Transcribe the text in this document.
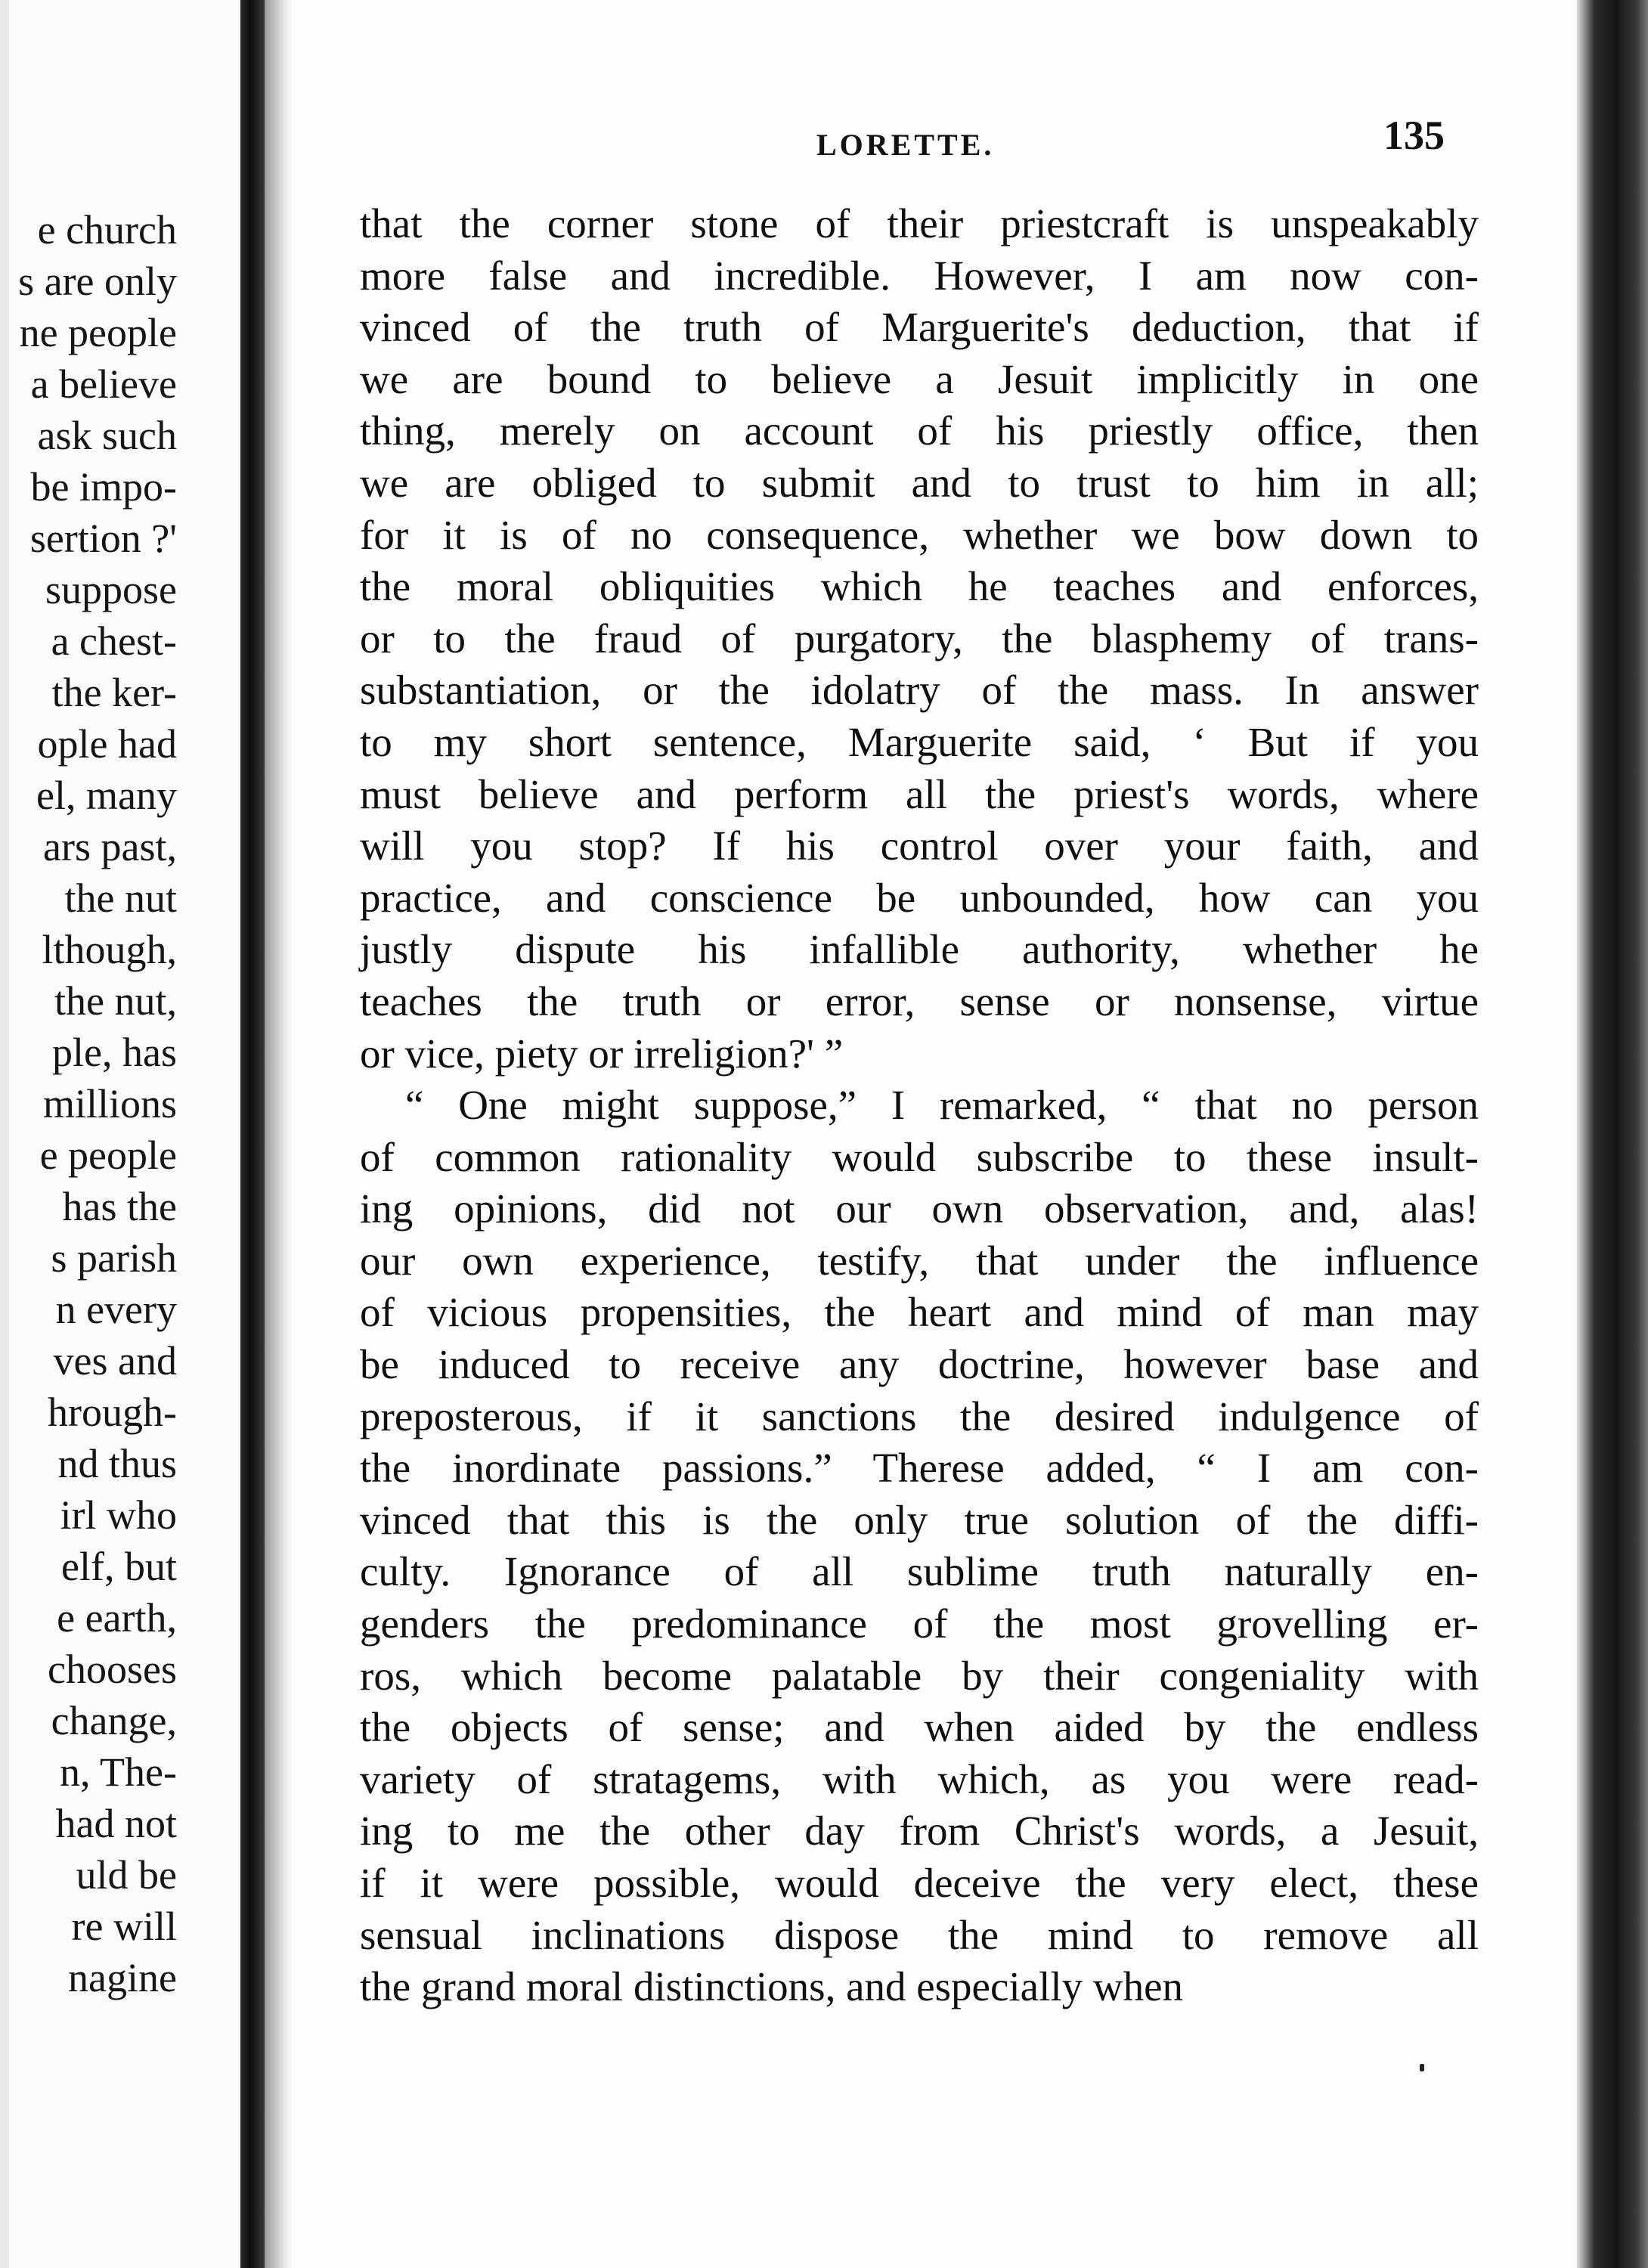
e church
s are only
ne people
a believe
ask such
be impo-
sertion ?'
suppose
a chest-
the ker-
ople had
el, many
ars past,
the nut
lthough,
the nut,
ple, has
millions
e people
has the
s parish
n every
ves and
hrough-
nd thus
irl who
elf, but
e earth,
chooses
change,
n, The-
had not
uld be
re will
nagine
LORETTE.	135
that the corner stone of their priestcraft is unspeakably
more false and incredible. However, I am now con-
vinced of the truth of Marguerite's deduction, that if
we are bound to believe a Jesuit implicitly in one
thing, merely on account of his priestly office, then
we are obliged to submit and to trust to him in all;
for it is of no consequence, whether we bow down to
the moral obliquities which he teaches and enforces,
or to the fraud of purgatory, the blasphemy of trans-
substantiation, or the idolatry of the mass. In answer
to my short sentence, Marguerite said, ‘ But if you
must believe and perform all the priest's words, where
will you stop? If his control over your faith, and
practice, and conscience be unbounded, how can you
justly dispute his infallible authority, whether he
teaches the truth or error, sense or nonsense, virtue
or vice, piety or irreligion?' ”
“ One might suppose,” I remarked, “ that no person
of common rationality would subscribe to these insult-
ing opinions, did not our own observation, and, alas!
our own experience, testify, that under the influence
of vicious propensities, the heart and mind of man may
be induced to receive any doctrine, however base and
preposterous, if it sanctions the desired indulgence of
the inordinate passions.” Therese added, “ I am con-
vinced that this is the only true solution of the diffi-
culty. Ignorance of all sublime truth naturally en-
genders the predominance of the most grovelling er-
ros, which become palatable by their congeniality with
the objects of sense; and when aided by the endless
variety of stratagems, with which, as you were read-
ing to me the other day from Christ's words, a Jesuit,
if it were possible, would deceive the very elect, these
sensual inclinations dispose the mind to remove all
the grand moral distinctions, and especially when
